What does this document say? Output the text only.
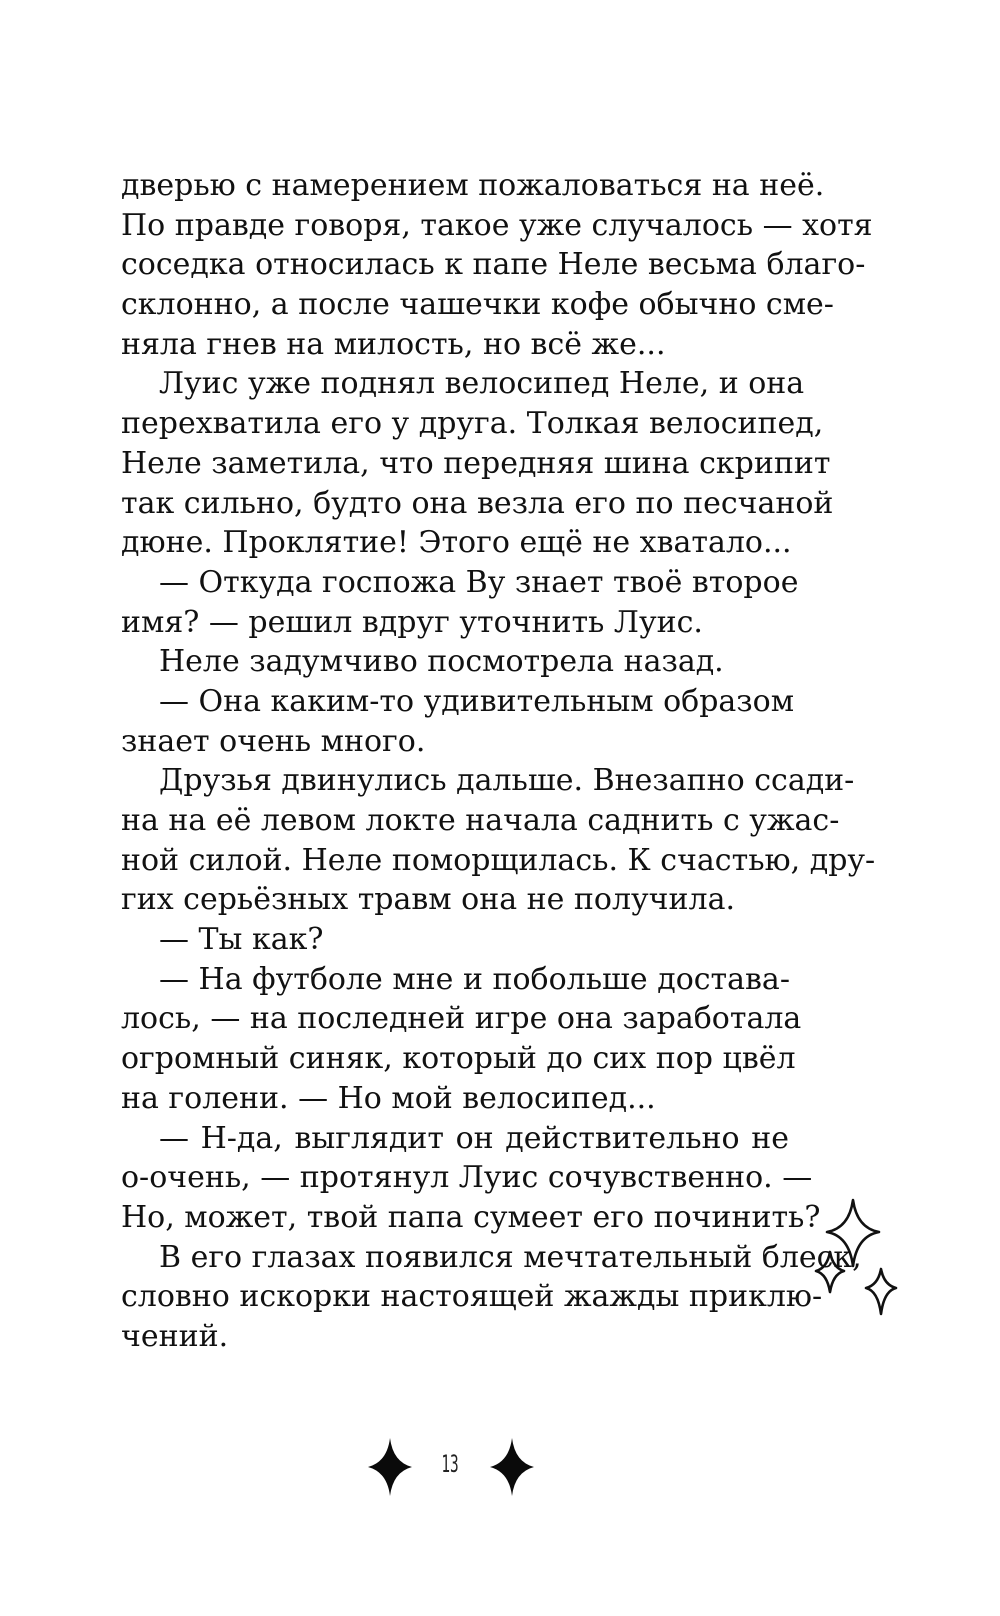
дверью с намерением пожаловаться на неё.
По правде говоря, такое уже случалось — хотя
соседка относилась к папе Неле весьма благо-
склонно, а после чашечки кофе обычно сме-
няла гнев на милость, но всё же...
Луис уже поднял велосипед Неле, и она
перехватила его у друга. Толкая велосипед,
Неле заметила, что передняя шина скрипит
так сильно, будто она везла его по песчаной
дюне. Проклятие! Этого ещё не хватало...
— Откуда госпожа Ву знает твоё второе
имя? — решил вдруг уточнить Луис.
Неле задумчиво посмотрела назад.
— Она каким-то удивительным образом
знает очень много.
Друзья двинулись дальше. Внезапно ссади-
на на её левом локте начала саднить с ужас-
ной силой. Неле поморщилась. К счастью, дру-
гих серьёзных травм она не получила.
— Ты как?
— На футболе мне и побольше достава-
лось, — на последней игре она заработала
огромный синяк, который до сих пор цвёл
на голени. — Но мой велосипед...
— Н-да, выглядит он действительно не
о-очень, — протянул Луис сочувственно. —
Но, может, твой папа сумеет его починить?
В его глазах появился мечтательный блеск,
словно искорки настоящей жажды приклю-
чений.
13
